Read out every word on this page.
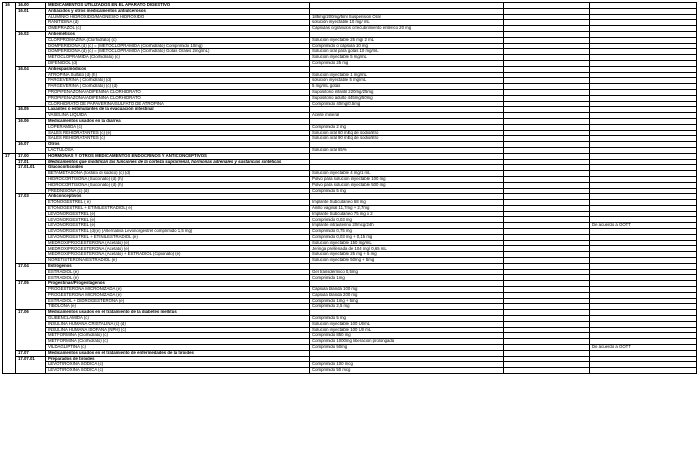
16	16.00	MEDICAMENTOS UTILIZADOS EN EL APARATO DIGESTIVO			
	16.01	Antiácidos y otros medicamentos antiulcerosos			
		ALUMINIO HIDROXIDO/MAGNESIO HIDROXIDO	185mg/200mg/5ml Suspensión Oral		
		RANITIDINA (d)	solución inyectable 10 mg/ mL		
		OMEPRAZOL (c)	Cápsulas c/gránulos c/recubrimiento entérico 20 mg		
	16.02	Antieméticos			
		CLORPROMAZINA (Clorhidrato) (c)	Solución inyectable 25 mg/ 2 mL		
		DOMPERIDONA (d) (c) = (METOCLOPRAMIDA (Clorhidrato) Comprimido 10mg)	Comprimido ó cápsula 10 mg		
		DOMPERIDONA (d) (c) = (METOCLOPRAMIDA (Clorhidrato) Gotas Orales 2mg/mL)	Solución oral para gotas 10 mg/mL		
		METOCLOPRAMIDA (Clorhidrato) (c)	Solución inyectable 5 mg/mL		
		DIFENIDOL (d)	Comprimido 25 mg		
	16.04	Antiespasmódicos			
		ATROPINA Sulfato (d) (h)	Solución inyectable 1 mg/mL		
		PARGEVERINA ( Clorhidrato) (d)	solución inyectable 5 mg/mL		
		PARGEVERINA ( Clorhidrato) (c) (d)	5 mg/mL gotas		
		PROPIFENAZONA/ADIFENINA CLORHIDRATO	Supositorio infantil 220mg/25mg		
		PROPIFENAZONA/ADIFENINA CLORHIDRATO	Supositorio adulto 445mg/50mg		
		CLORHIDRATO DE PAPAVERINA/SULFATO DE ATROPINA	Comprimido 40mg/0.5mg		
	16.05	Laxantes o estimulantes de la evacuación intestinal			
		VASELINA LIQUIDA	Aceite mineral		
	16.06	Medicamentos usados en la diarrea			
		LOPERAMIDA (c)	Comprimido 2 mg		
		SALES REHIDRATANTES (c) (e)	Solución oral 60 mEq de sodio/litro		
		SALES REHIDRATANTES (c)	Solución oral 90 mEq de sodio/litro		
	16.07	Otros			
		LACTULOSA	Solución oral 65%		
17	17.00	HORMONAS Y OTROS MEDICAMENTOS ENDOCRINOS Y ANTICONCEPTIVOS			
	17.01	Medicamentos que modifican las funciones de la corteza suprarrenal, hormonas adrenales y sustancias sintéticas			
	17.01.01	Glucocorticoides			
		BETAMETASONA (fosfato di sódico) (c) (d)	Solución inyectable 4 mg/1 mL		
		HIDROCORTISONA (Succinato) (d) (h)	Polvo para solución inyectable 100 mg		
		HIDROCORTISONA (Succinato) (d) (h)	Polvo para solución inyectable 500 mg		
		PREDNISONA (c) (d)	Comprimido 5 mg		
	17.03	Anticonceptivos			
		ETONOGESTREL ( e)	Implante Subcutáneo 68 mg		
		ETONOGESTREL + ETINILESTRADIOL( e)	Anillo vaginal 11,7mg + 2,7mg		
		LEVONORGESTREL (e)	Implante Subcutáneo 75 mg x 2		
		LEVONORGESTREL (e)	Comprimido 0,03 mg		
		LEVONORGESTREL (e)	Implante intrauterino 20mcg/24h		De acuerdo a OOTT
		LEVONORGESTREL (d)(e) (Alternativa Levonorgestrel comprimido 1,5 mg)	Comprimido 0,75 mg		
		LEVONORGESTREL + ETINILESTRADIOL (e)	Comprimido 0,03 mg + 0,15 mg		
		MEDROXIPROGESTERONA (Acetato) (e)	Solución inyectable 150 mg/mL		
		MEDROXIPROGESTERONA (Acetato) (e)	Jeringa prellenada de 104 mg/ 0,65 mL		
		MEDROXIPROGESTERONA (Acetato) + ESTRADIOL (Cipionato) (e)	Solución inyectable 25 mg + 5 mg		
		NORETISTERONA/ESTRADIOL (e)	Solución inyectable 50mg + 5mg		
	17.04	Estrógenos			
		ESTRADIOL (e)	Gel transdérmico 0,5mg		
		ESTRADIOL (e)	Comprimido 1mg		
	17.05	Progestinas/Progestágenos			
		PROGESTERONA MICRONIZADA (e)	Capsula blanda 100 mg		
		PROGESTERONA MICRONIZADA (e)	Capsula blanda 200 mg		
		ESTRADIOL + DIDROGESTERONA (e)	Comprimido 1mg + 5mg		
		TIBOLONA (e)	Comprimido 2,5 mg		
	17.06	Medicamentos usados en el tratamiento de la diabetes mellitus			
		GLIBENCLAMIDA (c)	Comprimido 5 mg		
		INSULINA HUMANA CRISTALINA (c) (d)	Solución inyectable 100 UI/mL		
		INSULINA HUMANA ISOFANA (NPH) (c)	Solución inyectable 100 UI/ mL		
		METFORMINA (Clorhidrato) (c)	Comprimido 850 mg		
		METFORMINA (Clorhidrato) (c)	Comprimido 1000mg liberación prolongada		
		VILDAGLIPTINA (c)	Comprimido 50mg		De acuerdo a OOTT
	17.07	Medicamentos usados en el tratamiento de enfermedades de la tiroides			
	17.07.01	Preparados de tiroides			
		LEVOTIROXINA SODICA (c)	Comprimido 100 mcg		
		LEVOTIROXINA SODICA (c)	Comprimido 50 mcg		
